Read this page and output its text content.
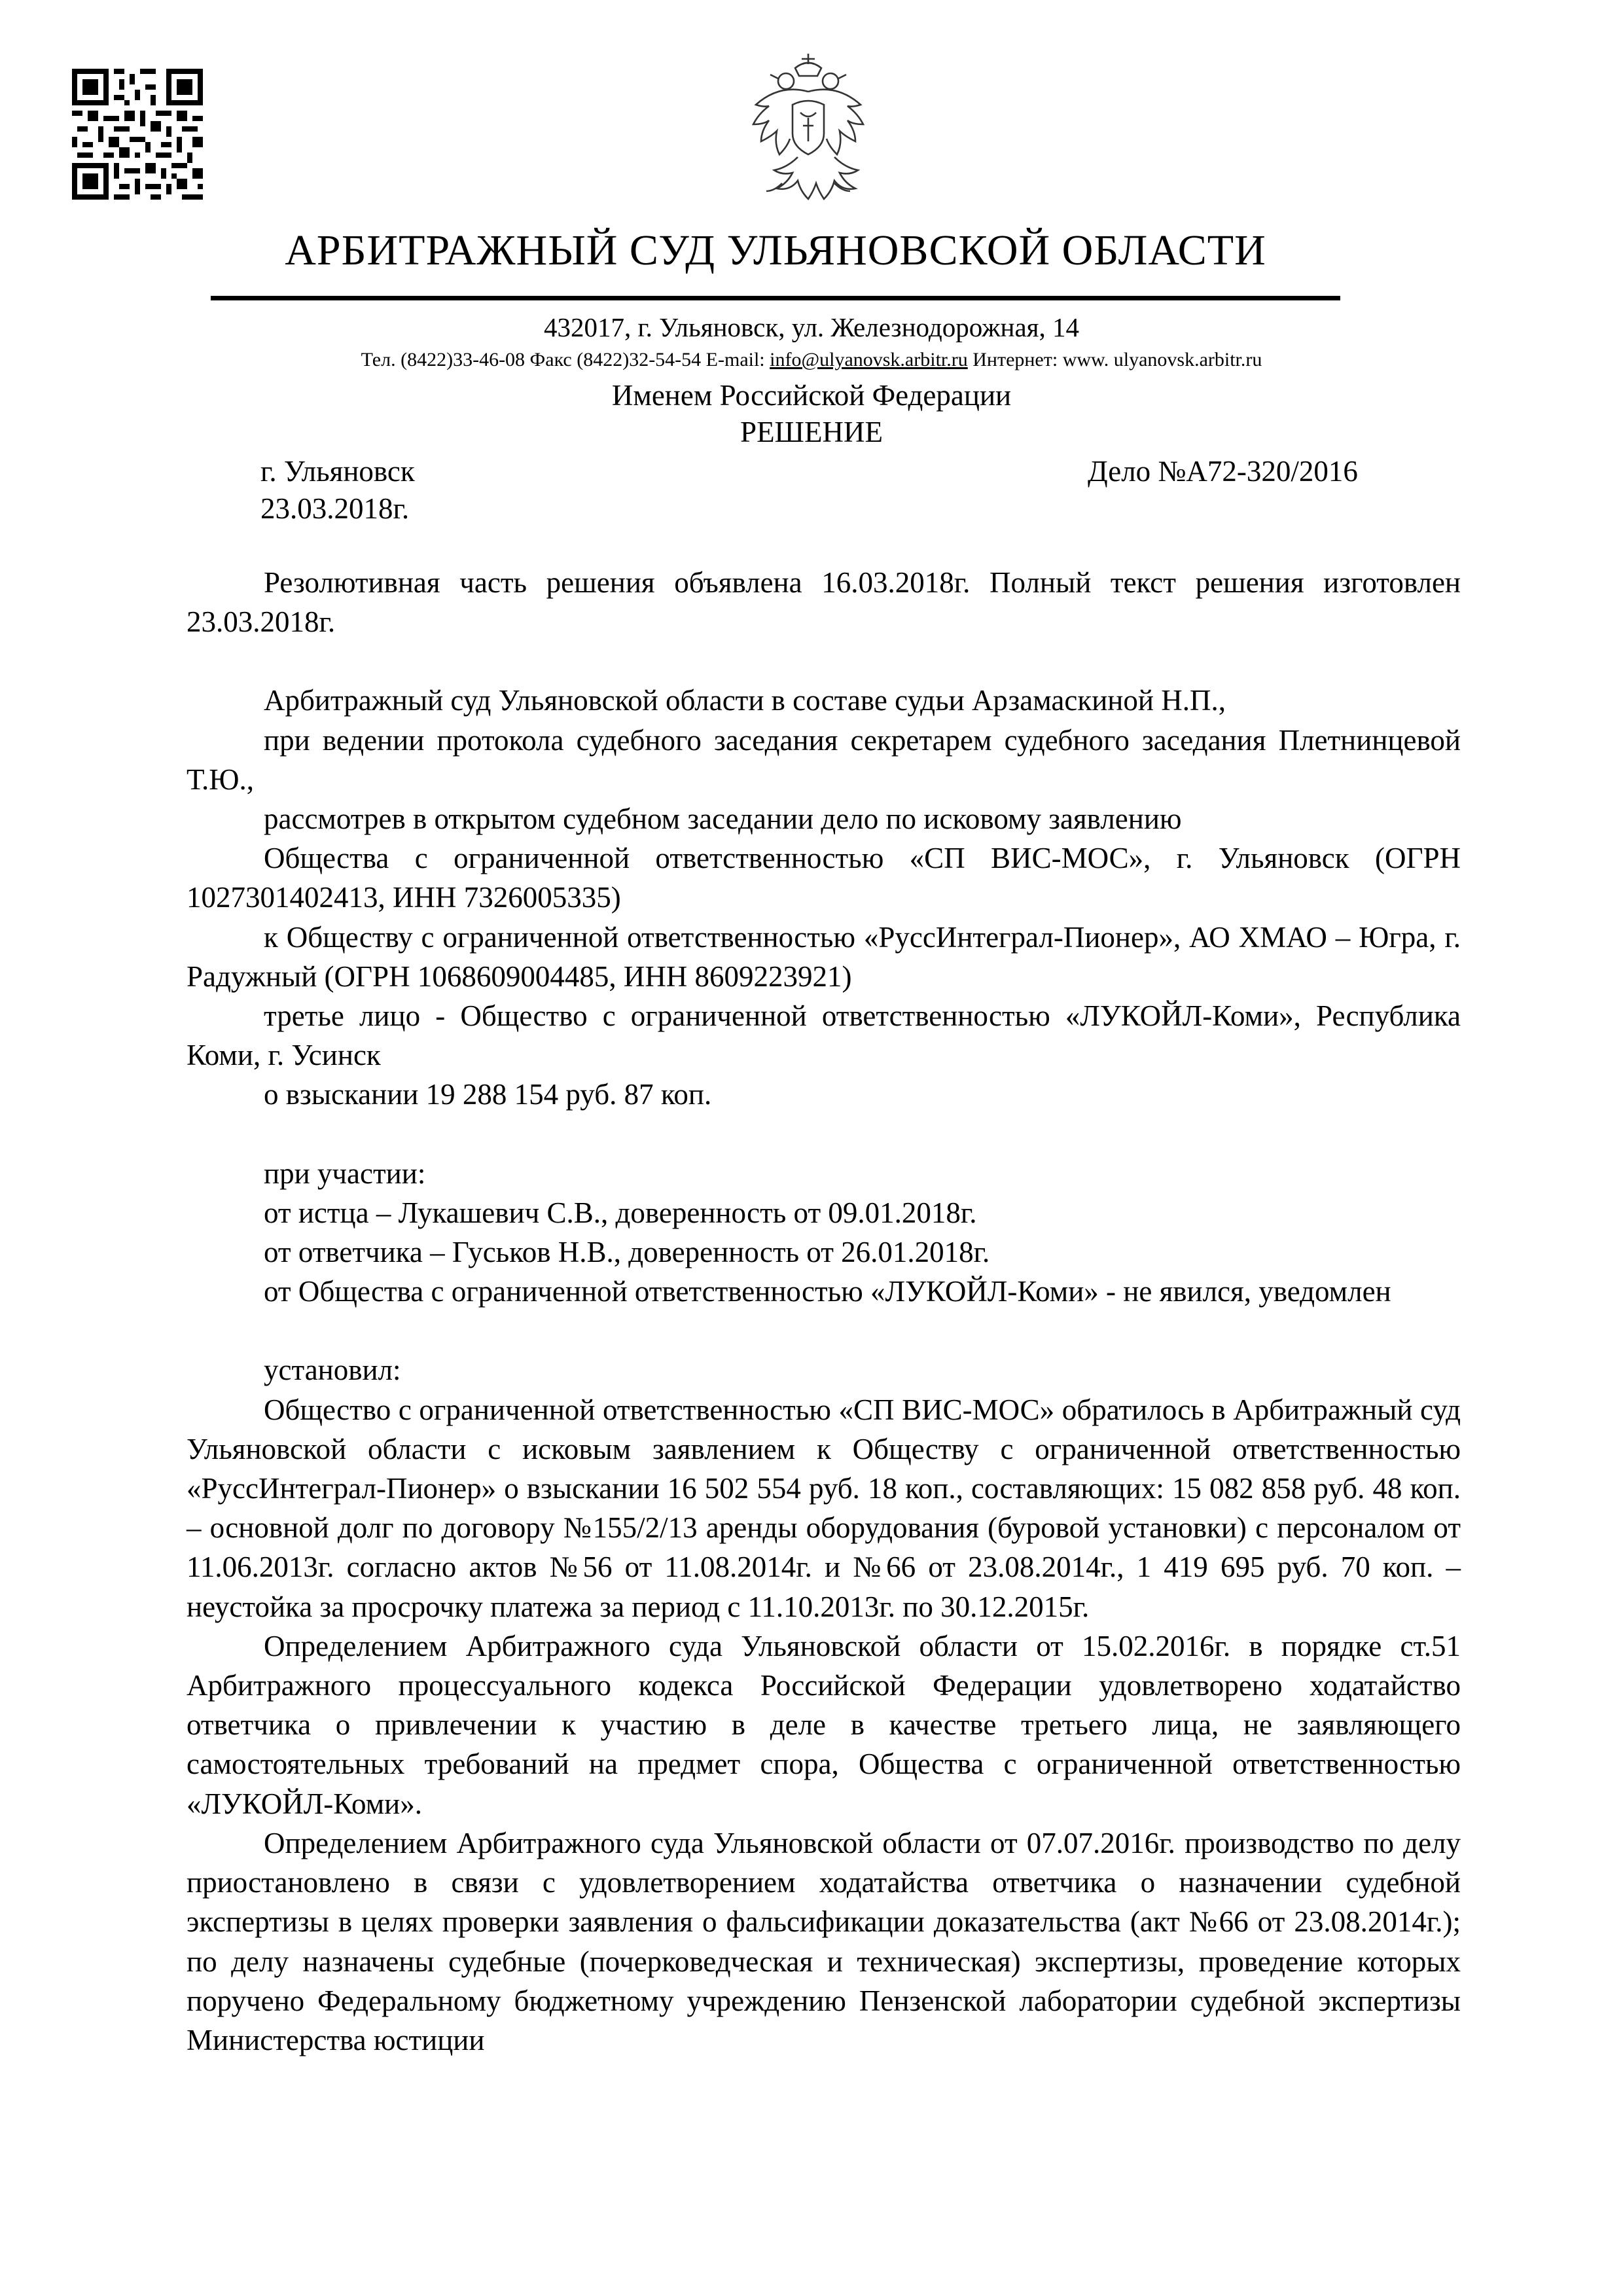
АРБИТРАЖНЫЙ СУД УЛЬЯНОВСКОЙ ОБЛАСТИ
432017, г. Ульяновск, ул. Железнодорожная, 14
Тел. (8422)33-46-08 Факс (8422)32-54-54 E-mail: info@ulyanovsk.arbitr.ru Интернет: www. ulyanovsk.arbitr.ru
Именем Российской Федерации
РЕШЕНИЕ
г. Ульяновск	Дело №А72-320/2016
23.03.2018г.

Резолютивная часть решения объявлена 16.03.2018г. Полный текст решения изготовлен 23.03.2018г.

Арбитражный суд Ульяновской области в составе судьи Арзамаскиной Н.П.,

при ведении протокола судебного заседания секретарем судебного заседания Плетнинцевой Т.Ю.,

рассмотрев в открытом судебном заседании дело по исковому заявлению

Общества с ограниченной ответственностью «СП ВИС-МОС», г. Ульяновск (ОГРН 1027301402413, ИНН 7326005335)

к Обществу с ограниченной ответственностью «РуссИнтеграл-Пионер», АО ХМАО – Югра, г. Радужный (ОГРН 1068609004485, ИНН 8609223921)

третье лицо - Общество с ограниченной ответственностью «ЛУКОЙЛ-Коми», Республика Коми, г. Усинск

о взыскании 19 288 154 руб. 87 коп.

при участии:

от истца – Лукашевич С.В., доверенность от 09.01.2018г.

от ответчика – Гуськов Н.В., доверенность от 26.01.2018г.

от Общества с ограниченной ответственностью «ЛУКОЙЛ-Коми» - не явился, уведомлен

установил:

Общество с ограниченной ответственностью «СП ВИС-МОС» обратилось в Арбитражный суд Ульяновской области с исковым заявлением к Обществу с ограниченной ответственностью «РуссИнтеграл-Пионер» о взыскании 16 502 554 руб. 18 коп., составляющих: 15 082 858 руб. 48 коп. – основной долг по договору №155/2/13 аренды оборудования (буровой установки) с персоналом от 11.06.2013г. согласно актов №56 от 11.08.2014г. и №66 от 23.08.2014г., 1 419 695 руб. 70 коп. – неустойка за просрочку платежа за период с 11.10.2013г. по 30.12.2015г.

Определением Арбитражного суда Ульяновской области от 15.02.2016г. в порядке ст.51 Арбитражного процессуального кодекса Российской Федерации удовлетворено ходатайство ответчика о привлечении к участию в деле в качестве третьего лица, не заявляющего самостоятельных требований на предмет спора, Общества с ограниченной ответственностью «ЛУКОЙЛ-Коми».

Определением Арбитражного суда Ульяновской области от 07.07.2016г. производство по делу приостановлено в связи с удовлетворением ходатайства ответчика о назначении судебной экспертизы в целях проверки заявления о фальсификации доказательства (акт №66 от 23.08.2014г.); по делу назначены судебные (почерковедческая и техническая) экспертизы, проведение которых поручено Федеральному бюджетному учреждению Пензенской лаборатории судебной экспертизы Министерства юстиции
